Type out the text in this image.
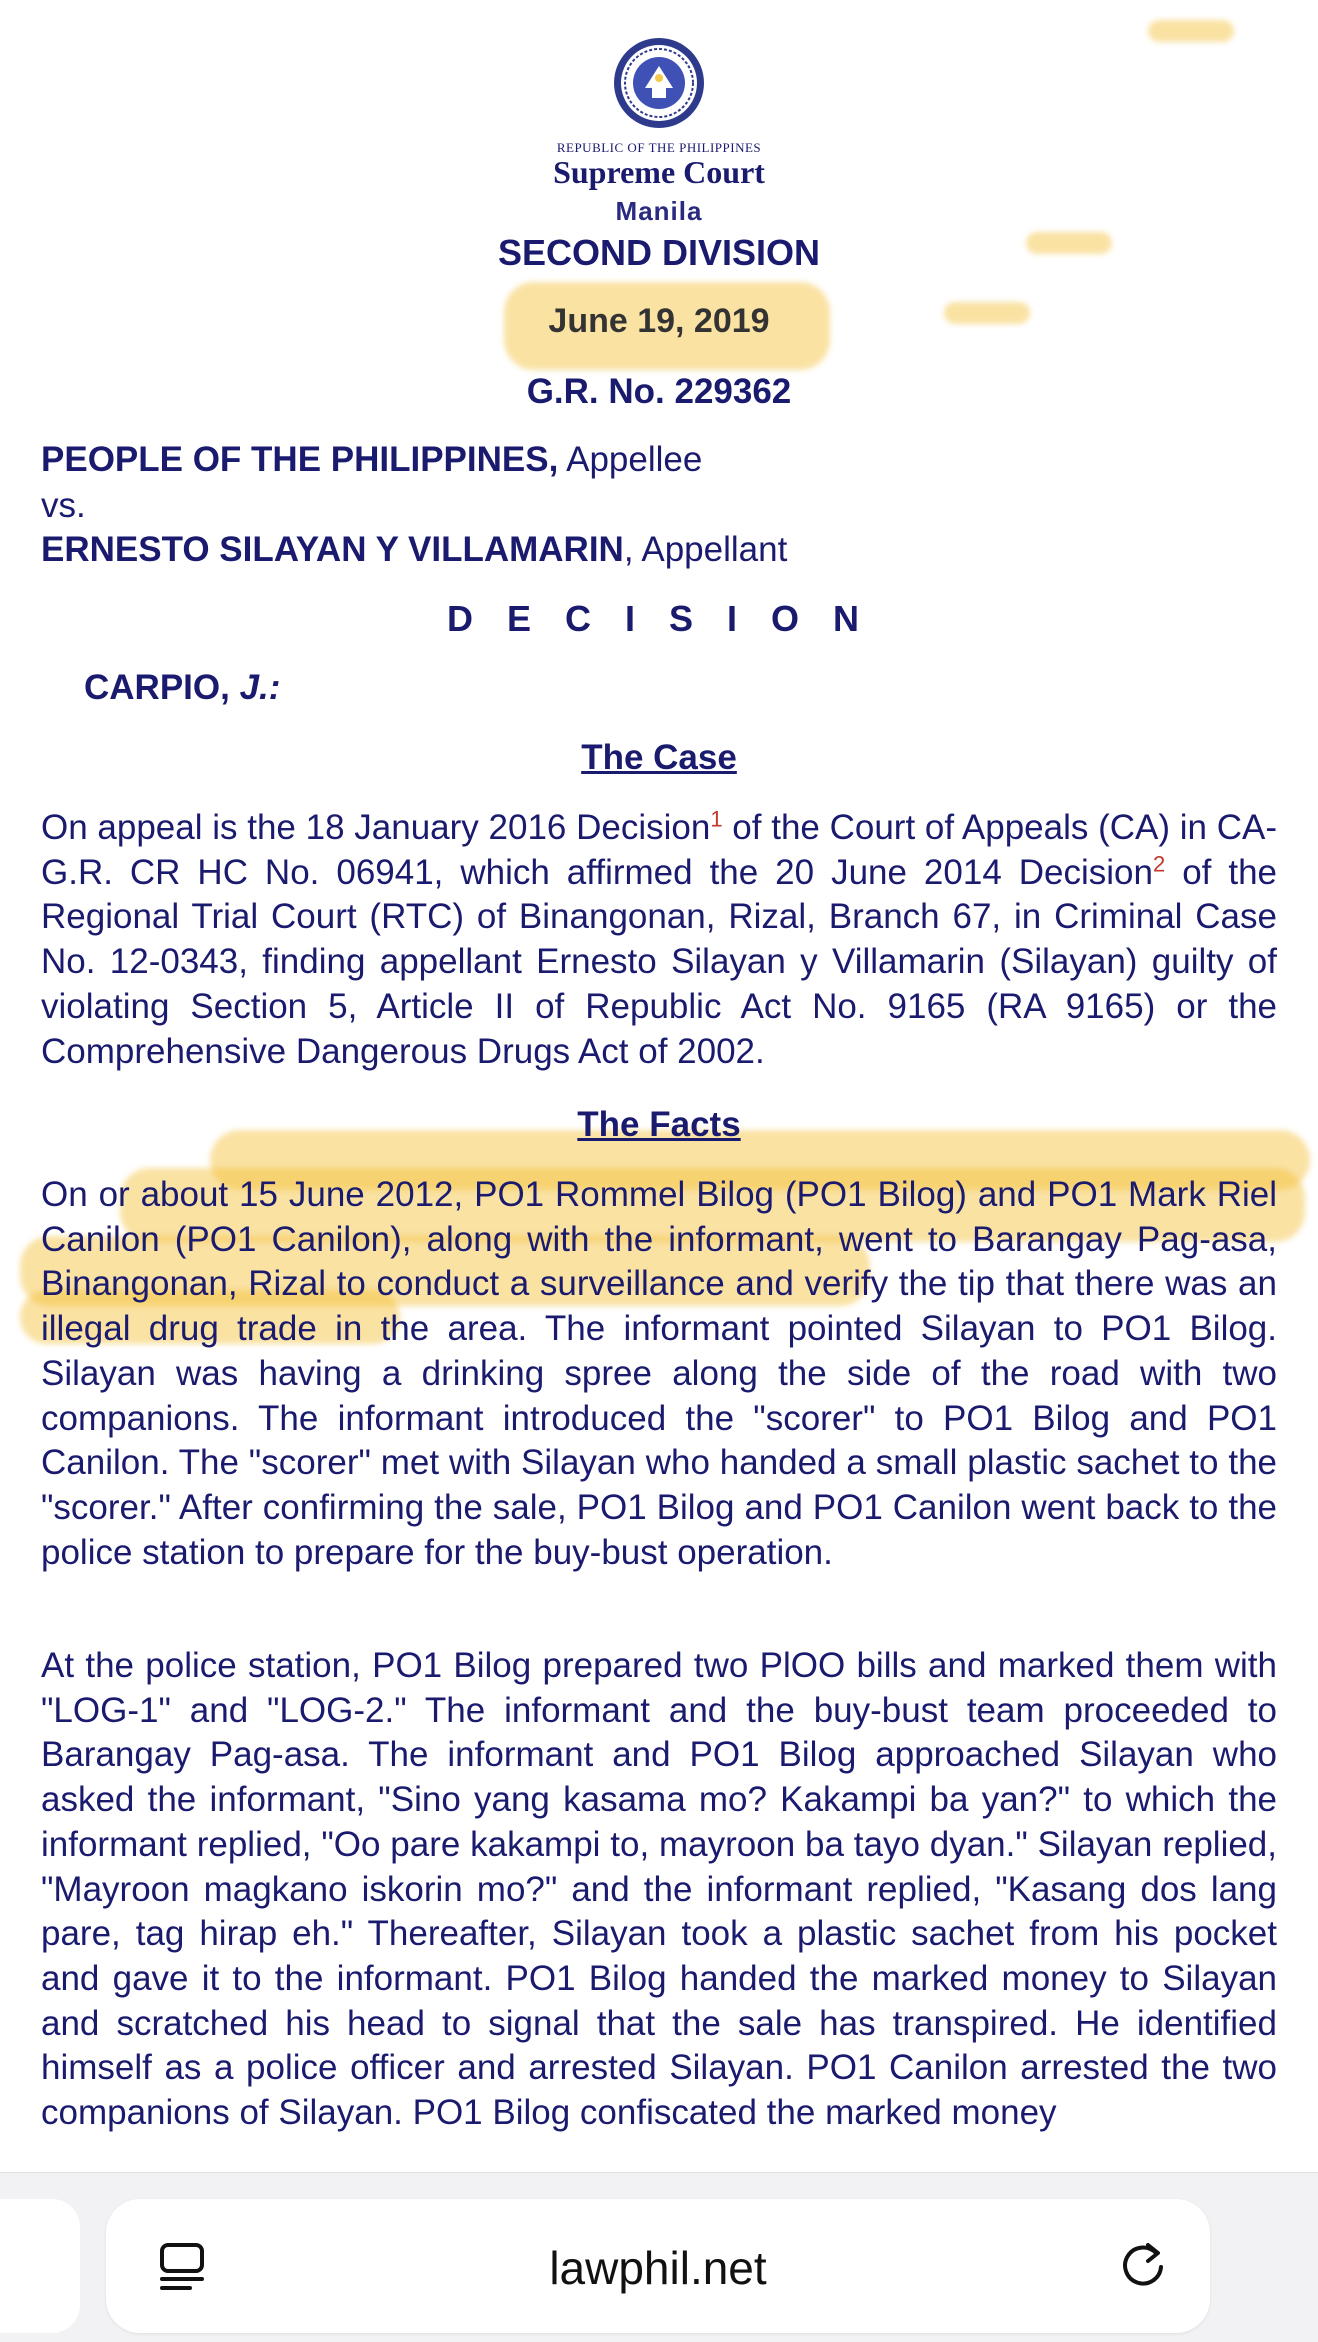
REPUBLIC OF THE PHILIPPINES
Supreme Court
Manila
SECOND DIVISION
June 19, 2019
G.R. No. 229362
PEOPLE OF THE PHILIPPINES, Appellee
vs.
ERNESTO SILAYAN Y VILLAMARIN, Appellant
D E C I S I O N
CARPIO, J.:
The Case

On appeal is the 18 January 2016 Decision$^1$ of the Court of Appeals (CA) in CA-G.R. CR HC No. 06941, which affirmed the 20 June 2014 Decision$^2$ of the Regional Trial Court (RTC) of Binangonan, Rizal, Branch 67, in Criminal Case No. 12-0343, finding appellant Ernesto Silayan y Villamarin (Silayan) guilty of violating Section 5, Article II of Republic Act No. 9165 (RA 9165) or the Comprehensive Dangerous Drugs Act of 2002.

The Facts

On or about 15 June 2012, PO1 Rommel Bilog (PO1 Bilog) and PO1 Mark Riel Canilon (PO1 Canilon), along with the informant, went to Barangay Pag-asa, Binangonan, Rizal to conduct a surveillance and verify the tip that there was an illegal drug trade in the area. The informant pointed Silayan to PO1 Bilog. Silayan was having a drinking spree along the side of the road with two companions. The informant introduced the "scorer" to PO1 Bilog and PO1 Canilon. The "scorer" met with Silayan who handed a small plastic sachet to the "scorer." After confirming the sale, PO1 Bilog and PO1 Canilon went back to the police station to prepare for the buy-bust operation.

At the police station, PO1 Bilog prepared two PlOO bills and marked them with "LOG-1" and "LOG-2." The informant and the buy-bust team proceeded to Barangay Pag-asa. The informant and PO1 Bilog approached Silayan who asked the informant, "Sino yang kasama mo? Kakampi ba yan?" to which the informant replied, "Oo pare kakampi to, mayroon ba tayo dyan." Silayan replied, "Mayroon magkano iskorin mo?" and the informant replied, "Kasang dos lang pare, tag hirap eh." Thereafter, Silayan took a plastic sachet from his pocket and gave it to the informant. PO1 Bilog handed the marked money to Silayan and scratched his head to signal that the sale has transpired. He identified himself as a police officer and arrested Silayan. PO1 Canilon arrested the two companions of Silayan. PO1 Bilog confiscated the marked money

lawphil.net
